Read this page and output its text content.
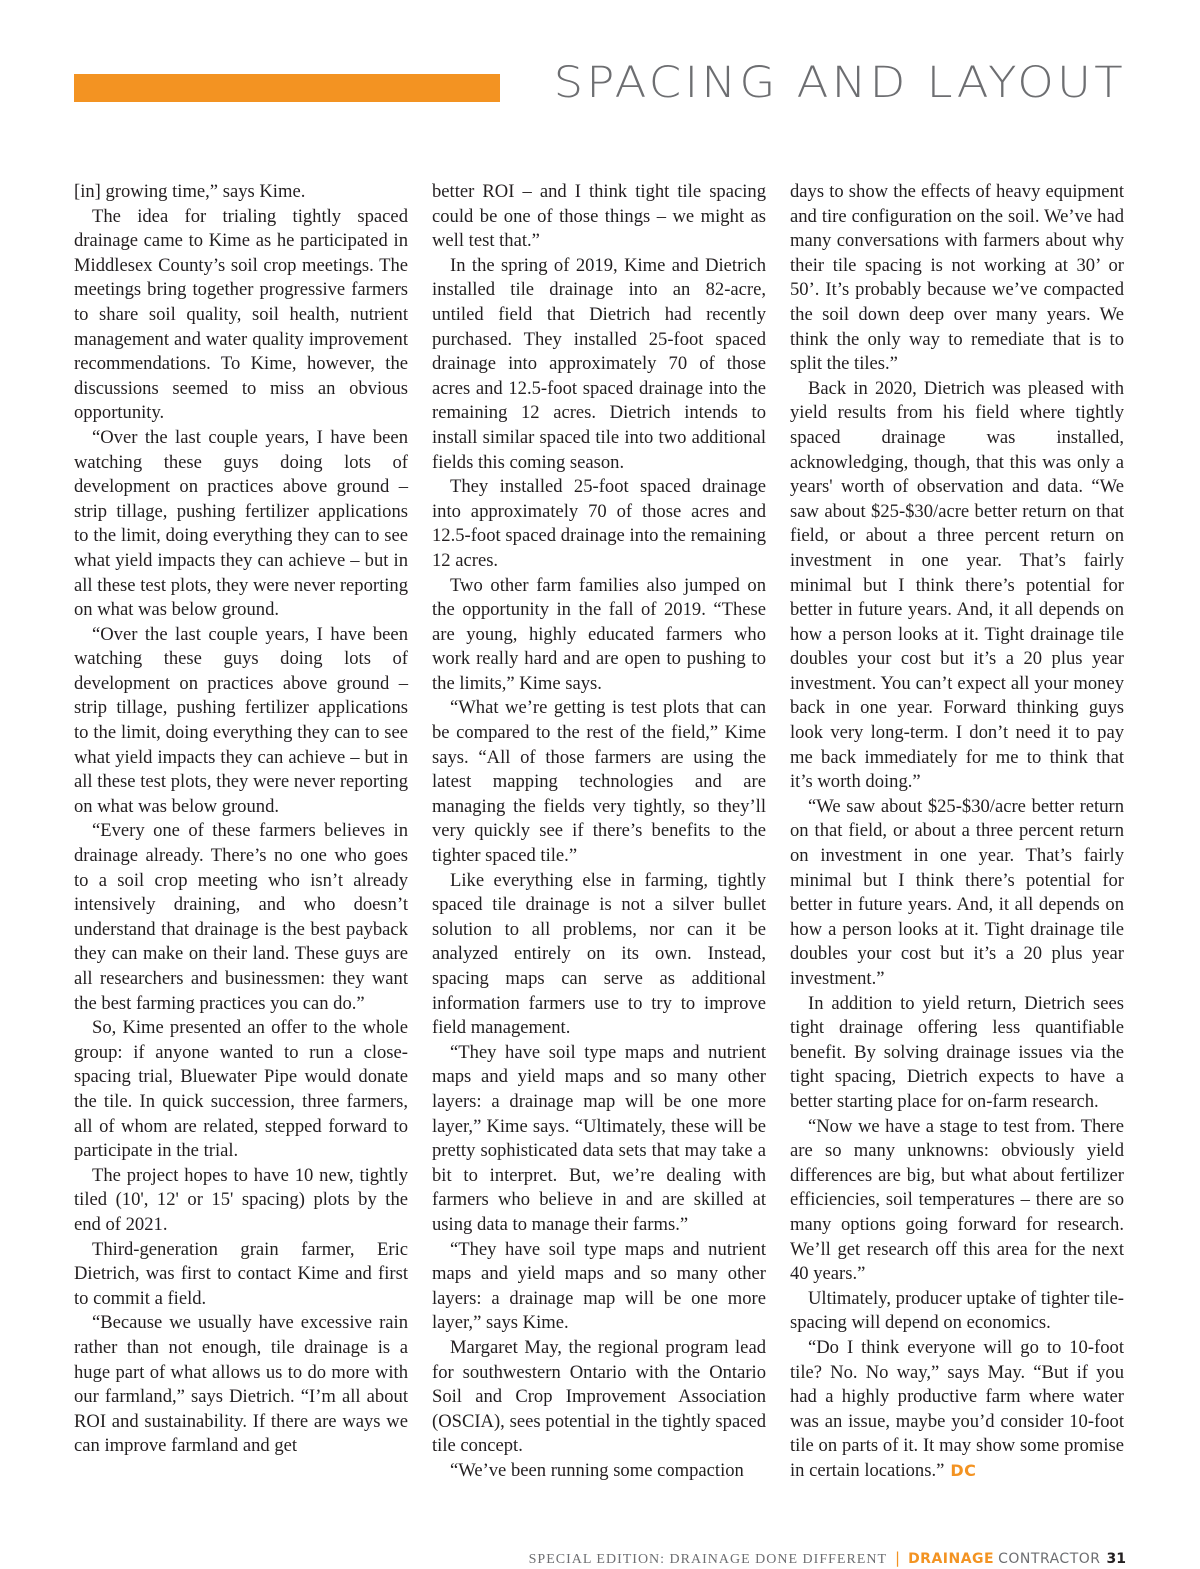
SPACING AND LAYOUT

[in] growing time,” says Kime.

The idea for trialing tightly spaced drainage came to Kime as he participated in Middlesex County’s soil crop meetings. The meetings bring together progressive farmers to share soil quality, soil health, nutrient management and water quality improvement recommendations. To Kime, however, the discussions seemed to miss an obvious opportunity.

“Over the last couple years, I have been watching these guys doing lots of development on practices above ground – strip tillage, pushing fertilizer applications to the limit, doing everything they can to see what yield impacts they can achieve – but in all these test plots, they were never reporting on what was below ground.

“Over the last couple years, I have been watching these guys doing lots of development on practices above ground – strip tillage, pushing fertilizer applications to the limit, doing everything they can to see what yield impacts they can achieve – but in all these test plots, they were never reporting on what was below ground.

“Every one of these farmers believes in drainage already. There’s no one who goes to a soil crop meeting who isn’t already intensively draining, and who doesn’t understand that drainage is the best payback they can make on their land. These guys are all researchers and businessmen: they want the best farming practices you can do.”

So, Kime presented an offer to the whole group: if anyone wanted to run a close-spacing trial, Bluewater Pipe would donate the tile. In quick succession, three farmers, all of whom are related, stepped forward to participate in the trial.

The project hopes to have 10 new, tightly tiled (10', 12' or 15' spacing) plots by the end of 2021.

Third-generation grain farmer, Eric Dietrich, was first to contact Kime and first to commit a field.

“Because we usually have excessive rain rather than not enough, tile drainage is a huge part of what allows us to do more with our farmland,” says Dietrich. “I’m all about ROI and sustainability. If there are ways we can improve farmland and get

better ROI – and I think tight tile spacing could be one of those things – we might as well test that.”

In the spring of 2019, Kime and Dietrich installed tile drainage into an 82-acre, untiled field that Dietrich had recently purchased. They installed 25-foot spaced drainage into approximately 70 of those acres and 12.5-foot spaced drainage into the remaining 12 acres. Dietrich intends to install similar spaced tile into two additional fields this coming season.

They installed 25-foot spaced drainage into approximately 70 of those acres and 12.5-foot spaced drainage into the remaining 12 acres.

Two other farm families also jumped on the opportunity in the fall of 2019. “These are young, highly educated farmers who work really hard and are open to pushing to the limits,” Kime says.

“What we’re getting is test plots that can be compared to the rest of the field,” Kime says. “All of those farmers are using the latest mapping technologies and are managing the fields very tightly, so they’ll very quickly see if there’s benefits to the tighter spaced tile.”

Like everything else in farming, tightly spaced tile drainage is not a silver bullet solution to all problems, nor can it be analyzed entirely on its own. Instead, spacing maps can serve as additional information farmers use to try to improve field management.

“They have soil type maps and nutrient maps and yield maps and so many other layers: a drainage map will be one more layer,” Kime says. “Ultimately, these will be pretty sophisticated data sets that may take a bit to interpret. But, we’re dealing with farmers who believe in and are skilled at using data to manage their farms.”

“They have soil type maps and nutrient maps and yield maps and so many other layers: a drainage map will be one more layer,” says Kime.

Margaret May, the regional program lead for southwestern Ontario with the Ontario Soil and Crop Improvement Association (OSCIA), sees potential in the tightly spaced tile concept.

“We’ve been running some compaction

days to show the effects of heavy equipment and tire configuration on the soil. We’ve had many conversations with farmers about why their tile spacing is not working at 30’ or 50’. It’s probably because we’ve compacted the soil down deep over many years. We think the only way to remediate that is to split the tiles.”

Back in 2020, Dietrich was pleased with yield results from his field where tightly spaced drainage was installed, acknowledging, though, that this was only a years' worth of observation and data. “We saw about $25-$30/acre better return on that field, or about a three percent return on investment in one year. That’s fairly minimal but I think there’s potential for better in future years. And, it all depends on how a person looks at it. Tight drainage tile doubles your cost but it’s a 20 plus year investment. You can’t expect all your money back in one year. Forward thinking guys look very long-term. I don’t need it to pay me back immediately for me to think that it’s worth doing.”

“We saw about $25-$30/acre better return on that field, or about a three percent return on investment in one year. That’s fairly minimal but I think there’s potential for better in future years. And, it all depends on how a person looks at it. Tight drainage tile doubles your cost but it’s a 20 plus year investment.”

In addition to yield return, Dietrich sees tight drainage offering less quantifiable benefit. By solving drainage issues via the tight spacing, Dietrich expects to have a better starting place for on-farm research.

“Now we have a stage to test from. There are so many unknowns: obviously yield differences are big, but what about fertilizer efficiencies, soil temperatures – there are so many options going forward for research. We’ll get research off this area for the next 40 years.”

Ultimately, producer uptake of tighter tile-spacing will depend on economics.

“Do I think everyone will go to 10-foot tile? No. No way,” says May. “But if you had a highly productive farm where water was an issue, maybe you’d consider 10-foot tile on parts of it. It may show some promise in certain locations.” DC

SPECIAL EDITION: DRAINAGE DONE DIFFERENT | DRAINAGE CONTRACTOR 31
